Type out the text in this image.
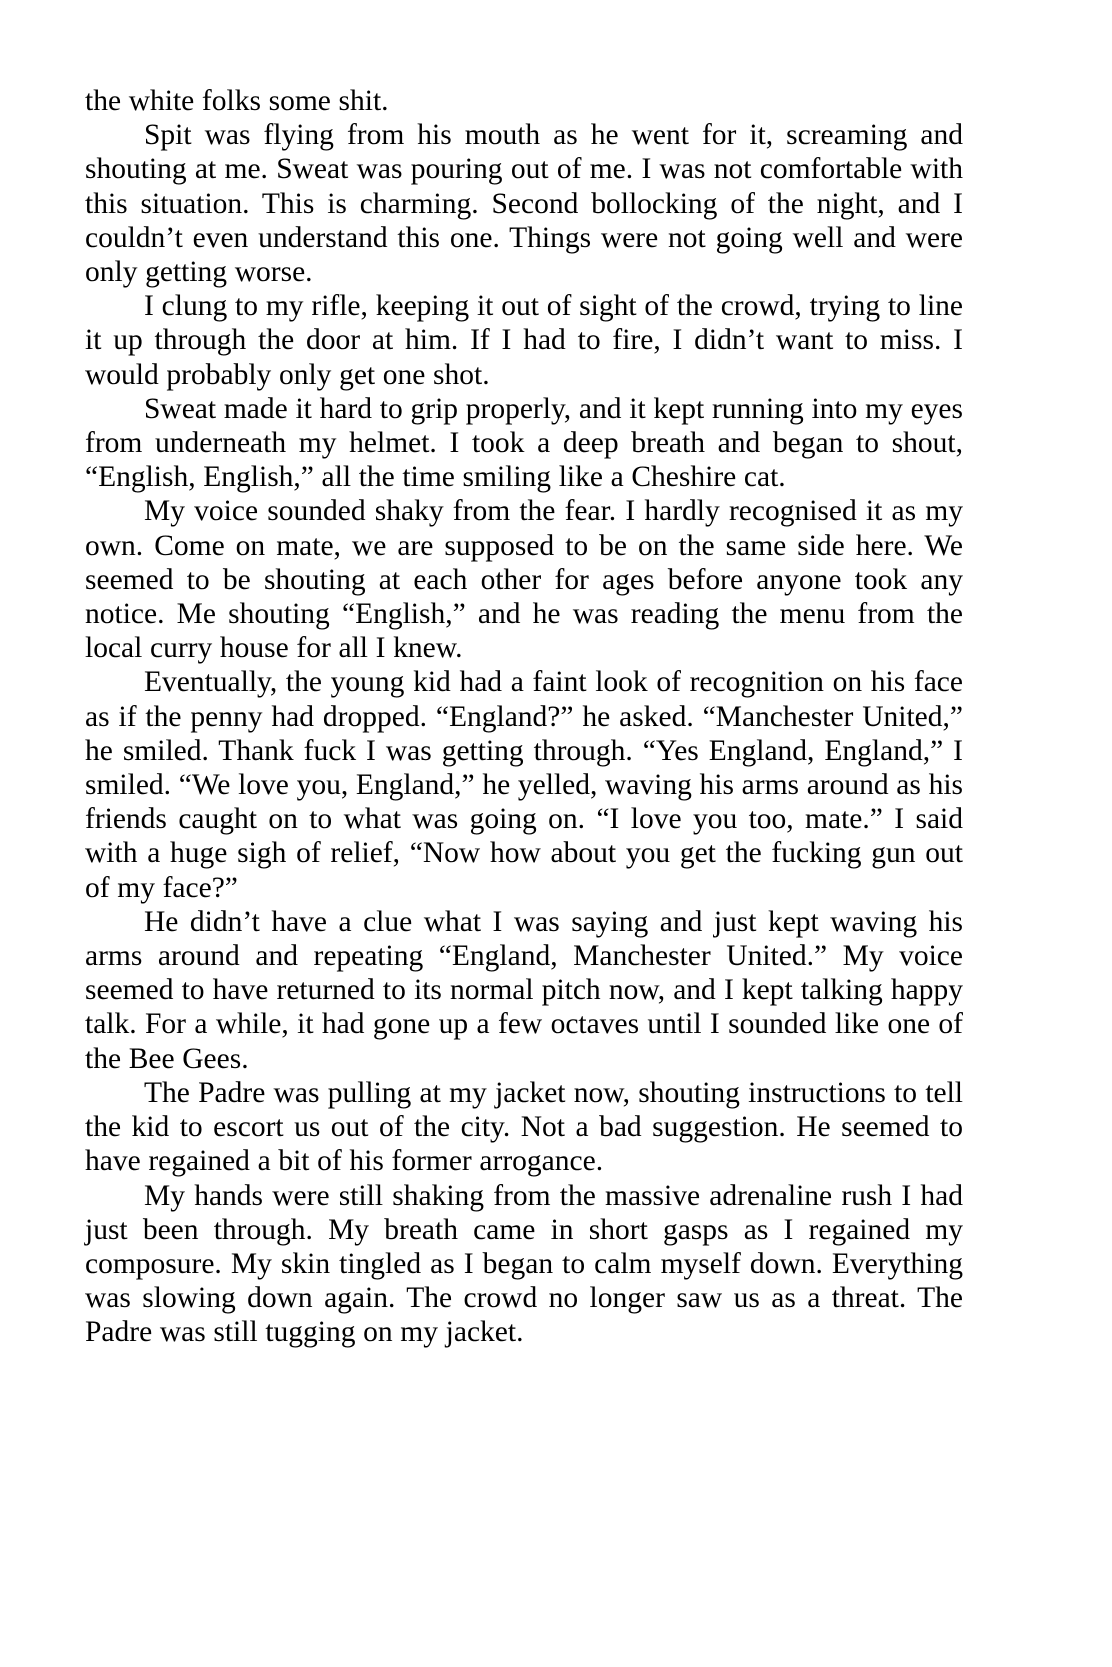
the white folks some shit.

Spit was flying from his mouth as he went for it, screaming and shouting at me. Sweat was pouring out of me. I was not comfortable with this situation. This is charming. Second bollocking of the night, and I couldn’t even understand this one. Things were not going well and were only getting worse.

I clung to my rifle, keeping it out of sight of the crowd, trying to line it up through the door at him. If I had to fire, I didn’t want to miss. I would probably only get one shot.

Sweat made it hard to grip properly, and it kept running into my eyes from underneath my helmet. I took a deep breath and began to shout, “English, English,” all the time smiling like a Cheshire cat.

My voice sounded shaky from the fear. I hardly recognised it as my own. Come on mate, we are supposed to be on the same side here. We seemed to be shouting at each other for ages before anyone took any notice. Me shouting “English,” and he was reading the menu from the local curry house for all I knew.

Eventually, the young kid had a faint look of recognition on his face as if the penny had dropped. “England?” he asked. “Manchester United,” he smiled. Thank fuck I was getting through. “Yes England, England,” I smiled. “We love you, England,” he yelled, waving his arms around as his friends caught on to what was going on. “I love you too, mate.” I said with a huge sigh of relief, “Now how about you get the fucking gun out of my face?”

He didn’t have a clue what I was saying and just kept waving his arms around and repeating “England, Manchester United.” My voice seemed to have returned to its normal pitch now, and I kept talking happy talk. For a while, it had gone up a few octaves until I sounded like one of the Bee Gees.

The Padre was pulling at my jacket now, shouting instructions to tell the kid to escort us out of the city. Not a bad suggestion. He seemed to have regained a bit of his former arrogance.

My hands were still shaking from the massive adrenaline rush I had just been through. My breath came in short gasps as I regained my composure. My skin tingled as I began to calm myself down. Everything was slowing down again. The crowd no longer saw us as a threat. The Padre was still tugging on my jacket.
